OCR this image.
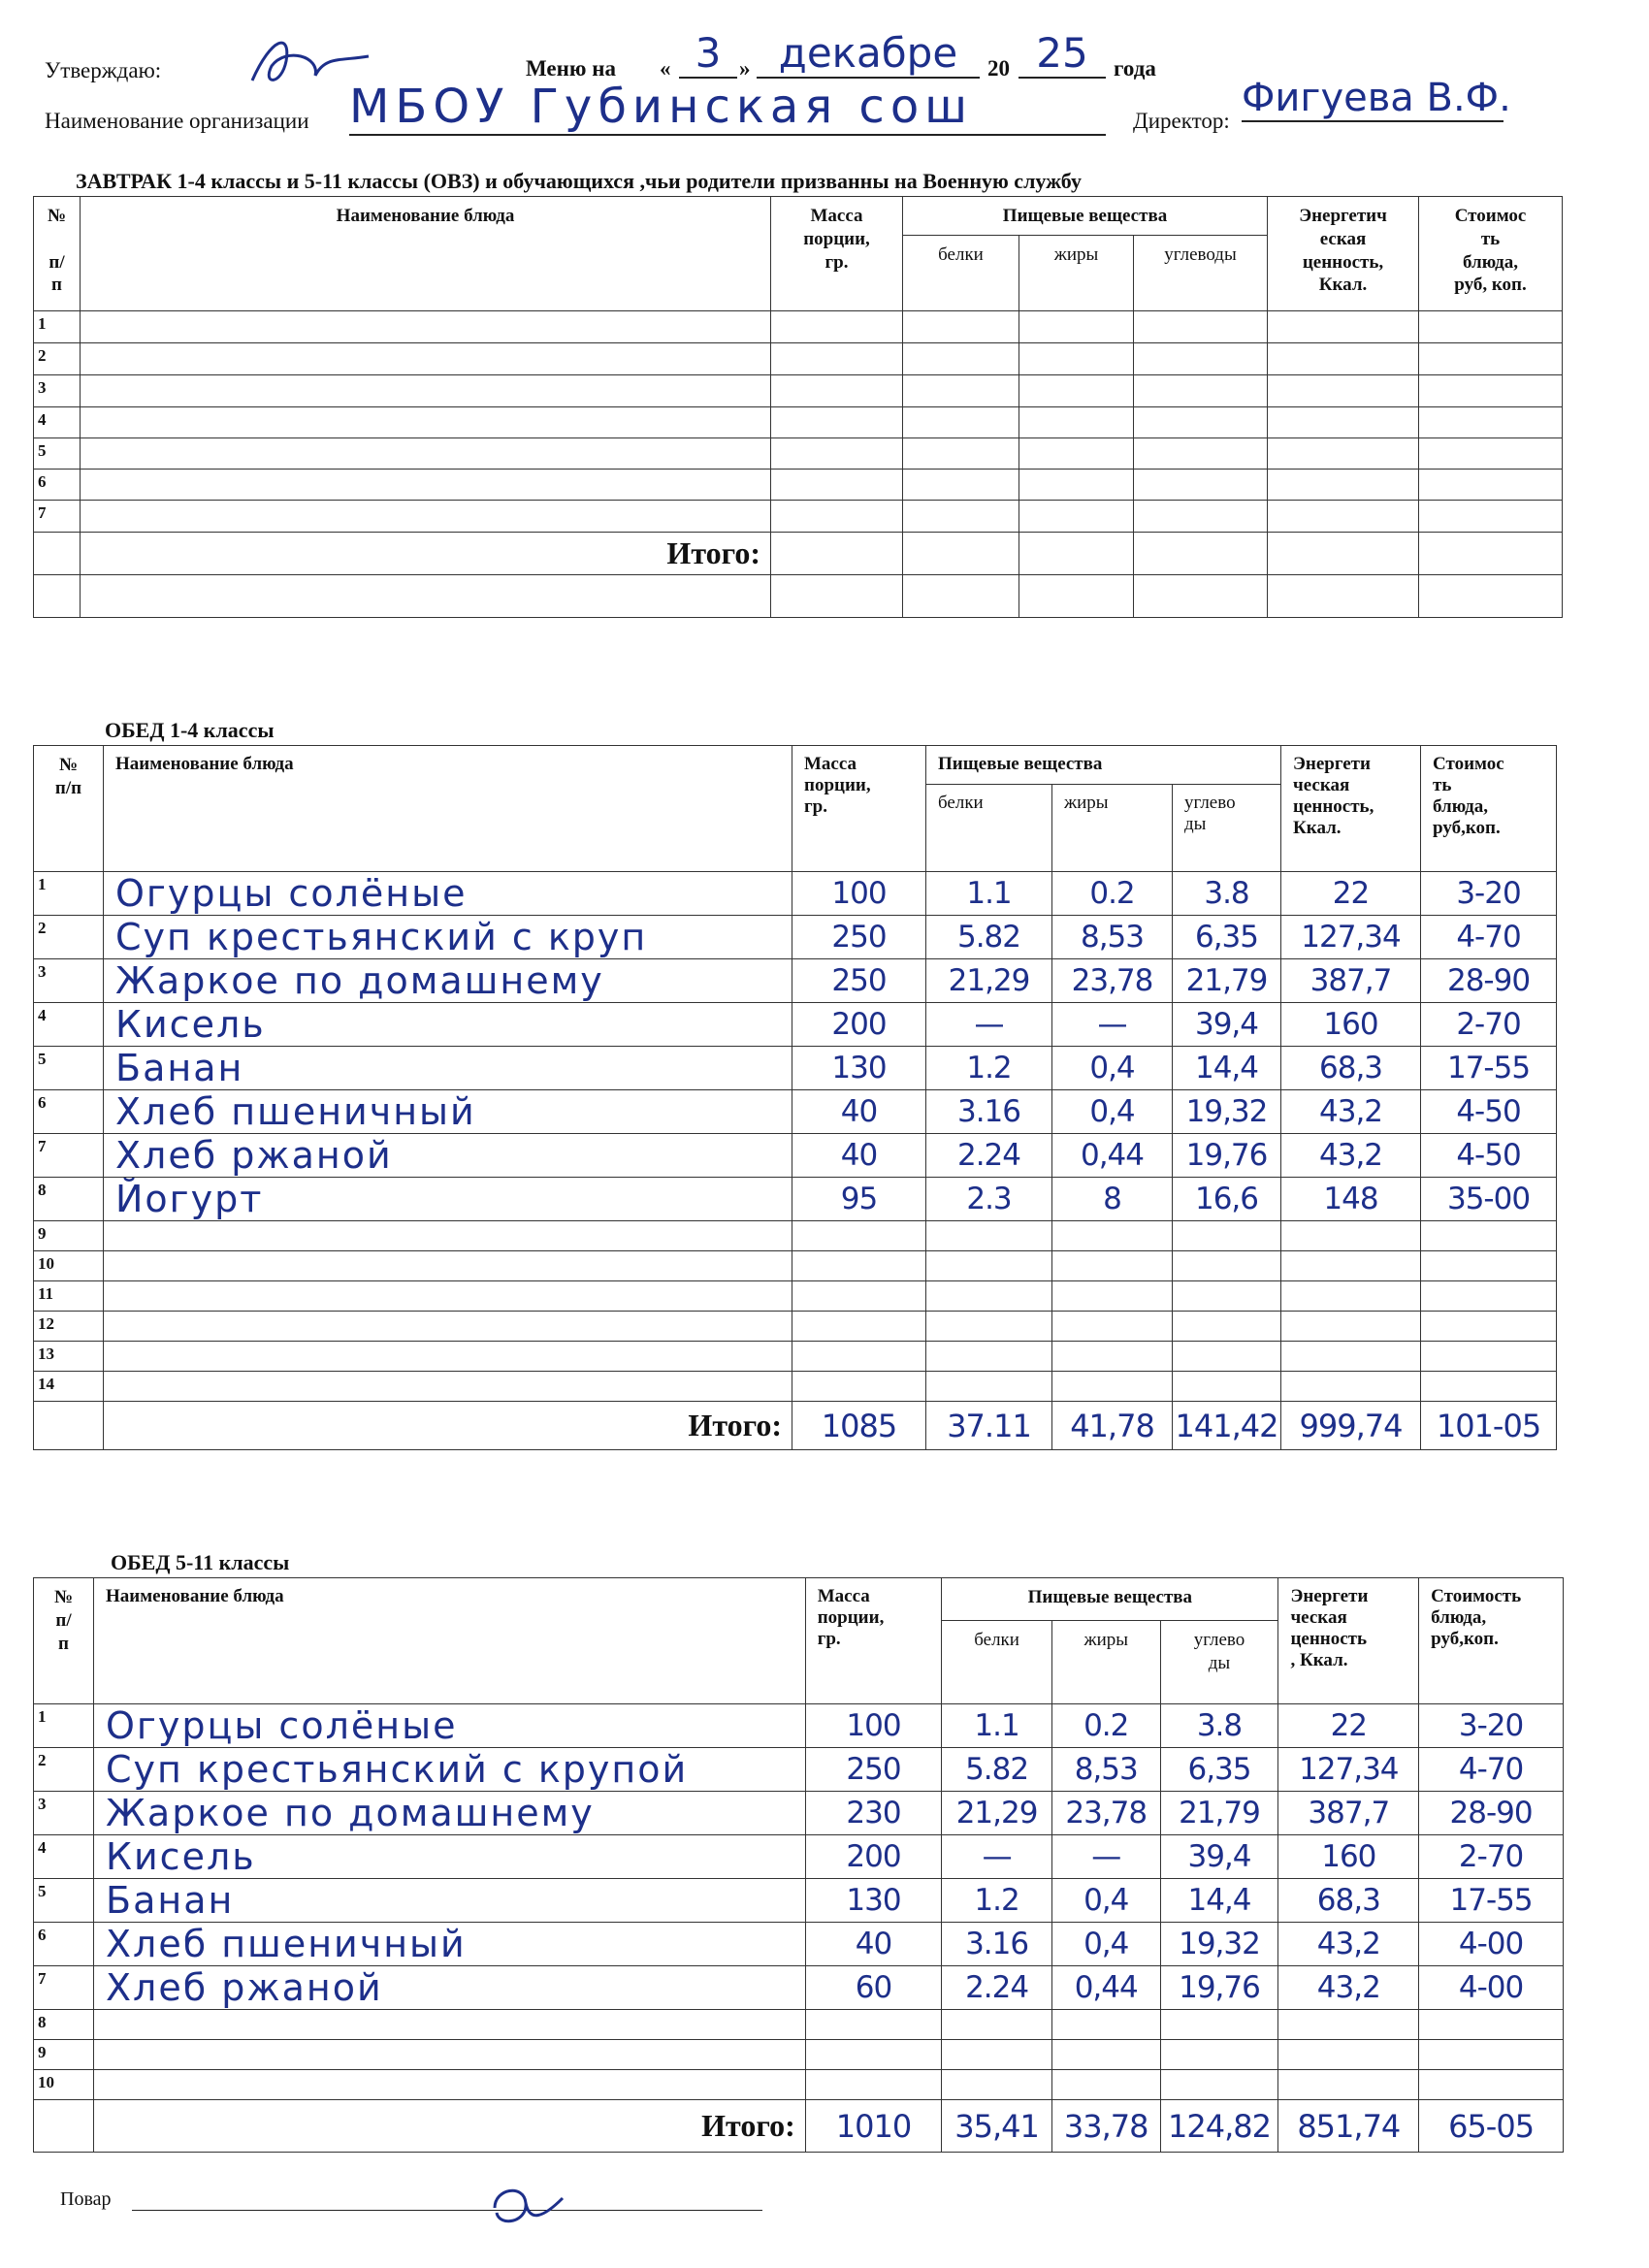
Утверждаю:	Меню на « 3 » декабре	20 25	года
Наименование организации МБОУ Губинская сош	Директор:
Фигуева В.Ф.
ЗАВТРАК 1-4 классы и 5-11 классы (ОВЗ) и обучающихся ,чьи родители призванны на Военную службу
№

п/
п	Наименование блюда	Масса
порции,
гр.	Пищевые вещества			Энергетич
еская
ценность,
Ккал.	Стоимос
ть
блюда,
руб, коп.
			белки	жиры	углеводы		
1							
2							
3							
4							
5							
6							
7							
	Итого:						

ОБЕД 1-4 классы
№
п/п	Наименование блюда	Масса
порции,
гр.	Пищевые вещества			Энергети
ческая
ценность,
Ккал.	Стоимос
ть
блюда,
руб,коп.
			белки	жиры	углево
ды		
1	Огурцы солёные	100	1.1	0.2	3.8	22	3-20
2	Суп крестьянский с круп	250	5.82	8,53	6,35	127,34	4-70
3	Жаркое по домашнему	250	21,29	23,78	21,79	387,7	28-90
4	Кисель	200	—	—	39,4	160	2-70
5	Банан	130	1.2	0,4	14,4	68,3	17-55
6	Хлеб пшеничный	40	3.16	0,4	19,32	43,2	4-50
7	Хлеб ржаной	40	2.24	0,44	19,76	43,2	4-50
8	Йогурт	95	2.3	8	16,6	148	35-00
9							
10							
11							
12							
13							
14							
	Итого:	1085	37.11	41,78	141,42	999,74	101-05
ОБЕД 5-11 классы
№
п/
п	Наименование блюда	Масса
порции,
гр.	Пищевые вещества			Энергети
ческая
ценность
, Ккал.	Стоимость
блюда,
руб,коп.
			белки	жиры	углево
ды		
1	Огурцы солёные	100	1.1	0.2	3.8	22	3-20
2	Суп крестьянский с крупой	250	5.82	8,53	6,35	127,34	4-70
3	Жаркое по домашнему	230	21,29	23,78	21,79	387,7	28-90
4	Кисель	200	—	—	39,4	160	2-70
5	Банан	130	1.2	0,4	14,4	68,3	17-55
6	Хлеб пшеничный	40	3.16	0,4	19,32	43,2	4-00
7	Хлеб ржаной	60	2.24	0,44	19,76	43,2	4-00
8							
9							
10							
	Итого:	1010	35,41	33,78	124,82	851,74	65-05
Повар
